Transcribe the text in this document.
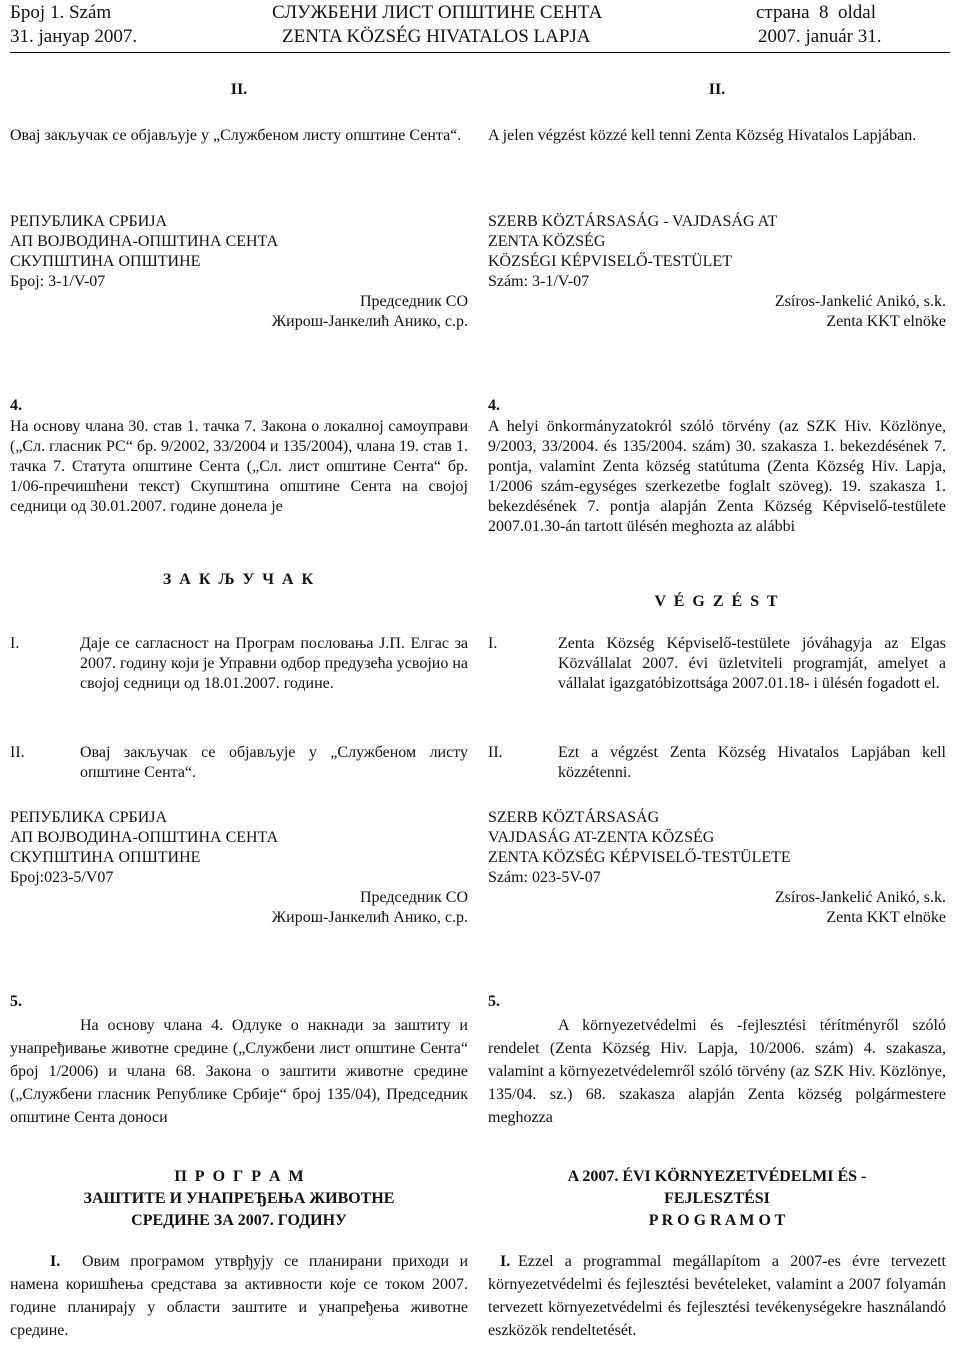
Број 1. Szám
31. јануар 2007.
СЛУЖБЕНИ ЛИСТ ОПШТИНЕ СЕНТА
ZENTA KÖZSÉG HIVATALOS LAPJA
страна  8  oldal
2007. január 31.
II.
Овај закључак се објављује у „Службеном листу општине Сента“.
РЕПУБЛИКА СРБИЈА
АП ВОЈВОДИНА-ОПШТИНА СЕНТА
СКУПШТИНА ОПШТИНЕ
Број: 3-1/V-07
Председник СО
Жирош-Јанкелић Анико, с.р.
4.
На основу члана 30. став 1. тачка 7. Закона о локалној самоуправи („Сл. гласник РС“ бр. 9/2002, 33/2004 и 135/2004), члана 19. став 1. тачка 7. Статута општине Сента („Сл. лист општине Сента“ бр. 1/06-пречишћени текст) Скупштина општине Сента на својој седници од 30.01.2007. године донела је
З А К Љ У Ч А К
I.	Даје се сагласност на Програм пословања Ј.П. Елгас за 2007. годину који је Управни одбор предузећа усвојио на својој седници од 18.01.2007. године.
II.	Овај закључак се објављује у „Службеном листу општине Сента“.
РЕПУБЛИКА СРБИЈА
АП ВОЈВОДИНА-ОПШТИНА СЕНТА
СКУПШТИНА ОПШТИНЕ
Број:023-5/V07
Председник СО
Жирош-Јанкелић Анико, с.р.
5.
На основу члана 4. Одлуке о накнади за заштиту и унапређивање животне средине („Службени лист општине Сента“ број 1/2006) и члана 68. Закона о заштити животне средине („Службени гласник Републике Србије“ број 135/04), Председник општине Сента доноси
П  Р  О  Г  Р  А  М
ЗАШТИТЕ И УНАПРЕЂЕЊА ЖИВОТНЕ
СРЕДИНЕ ЗА 2007. ГОДИНУ
I.	Овим програмом утврђују се планирани приходи и намена коришћења средстава за активности које се током 2007. године планирају у области заштите и унапређења животне средине.
II.
A jelen végzést közzé kell tenni Zenta Község Hivatalos Lapjában.
SZERB KÖZTÁRSASÁG - VAJDASÁG AT
ZENTA KÖZSÉG
KÖZSÉGI KÉPVISELŐ-TESTÜLET
Szám: 3-1/V-07
Zsíros-Jankelić Anikó, s.k.
Zenta KKT elnöke
4.
A helyi önkormányzatokról szóló törvény (az SZK Hiv. Közlönye, 9/2003, 33/2004. és 135/2004. szám) 30. szakasza 1. bekezdésének 7. pontja, valamint Zenta község statútuma (Zenta Község Hiv. Lapja, 1/2006 szám-egységes szerkezetbe foglalt szöveg). 19. szakasza 1. bekezdésének 7. pontja alapján Zenta Község Képviselő-testülete 2007.01.30-án tartott ülésén meghozta az alábbi
V É G Z É S T
I.	Zenta Község Képviselő-testülete jóváhagyja az Elgas Közvállalat 2007. évi üzletviteli programját, amelyet a vállalat igazgatóbizottsága 2007.01.18- i ülésén fogadott el.
II.	Ezt a végzést Zenta Község Hivatalos Lapjában kell közzétenni.
SZERB KÖZTÁRSASÁG
VAJDASÁG AT-ZENTA KÖZSÉG
ZENTA KÖZSÉG KÉPVISELŐ-TESTÜLETE
Szám: 023-5V-07
Zsíros-Jankelić Anikó, s.k.
Zenta KKT elnöke
5.
A környezetvédelmi és -fejlesztési térítményről szóló rendelet (Zenta Község Hiv. Lapja, 10/2006. szám) 4. szakasza, valamint a környezetvédelemről szóló törvény (az SZK Hiv. Közlönye, 135/04. sz.) 68. szakasza alapján Zenta község polgármestere meghozza
A 2007. ÉVI KÖRNYEZETVÉDELMI ÉS -
FEJLESZTÉSI
P R O G R A M O T
I. Ezzel a programmal megállapítom a 2007-es évre tervezett környezetvédelmi és fejlesztési bevételeket, valamint a 2007 folyamán tervezett környezetvédelmi és fejlesztési tevékenységekre használandó eszközök rendeltetését.
